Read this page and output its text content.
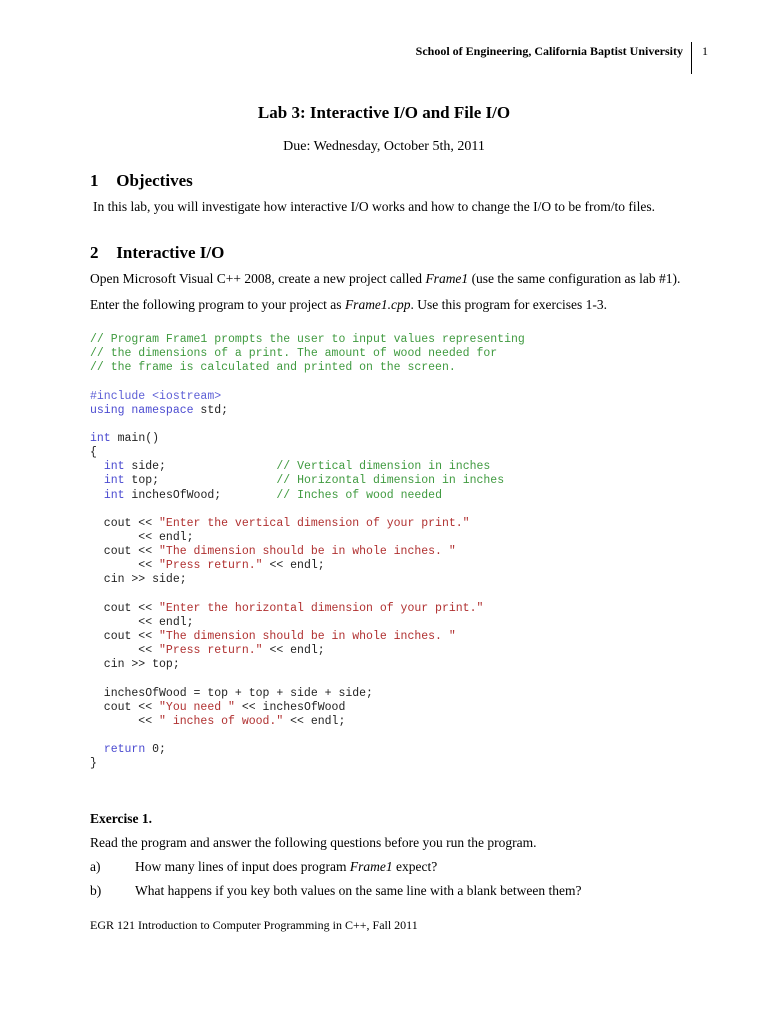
School of Engineering, California Baptist University 1
Lab 3: Interactive I/O and File I/O
Due: Wednesday, October 5th, 2011
1 Objectives
In this lab, you will investigate how interactive I/O works and how to change the I/O to be from/to files.
2 Interactive I/O
Open Microsoft Visual C++ 2008, create a new project called Frame1 (use the same configuration as lab #1). Enter the following program to your project as Frame1.cpp. Use this program for exercises 1-3.
// Program Frame1 prompts the user to input values representing
// the dimensions of a print. The amount of wood needed for
// the frame is calculated and printed on the screen.
#include <iostream>
using namespace std;
int main()
{
int side;                // Vertical dimension in inches
int top;                 // Horizontal dimension in inches
int inchesOfWood;        // Inches of wood needed
cout << "Enter the vertical dimension of your print."
<< endl;
cout << "The dimension should be in whole inches. "
<< "Press return." << endl;
cin >> side;
cout << "Enter the horizontal dimension of your print."
<< endl;
cout << "The dimension should be in whole inches. "
<< "Press return." << endl;
cin >> top;
inchesOfWood = top + top + side + side;
cout << "You need " << inchesOfWood
<< " inches of wood." << endl;
return 0;
}
Exercise 1.
Read the program and answer the following questions before you run the program.
a)	How many lines of input does program Frame1 expect?
b)	What happens if you key both values on the same line with a blank between them?
EGR 121 Introduction to Computer Programming in C++, Fall 2011
